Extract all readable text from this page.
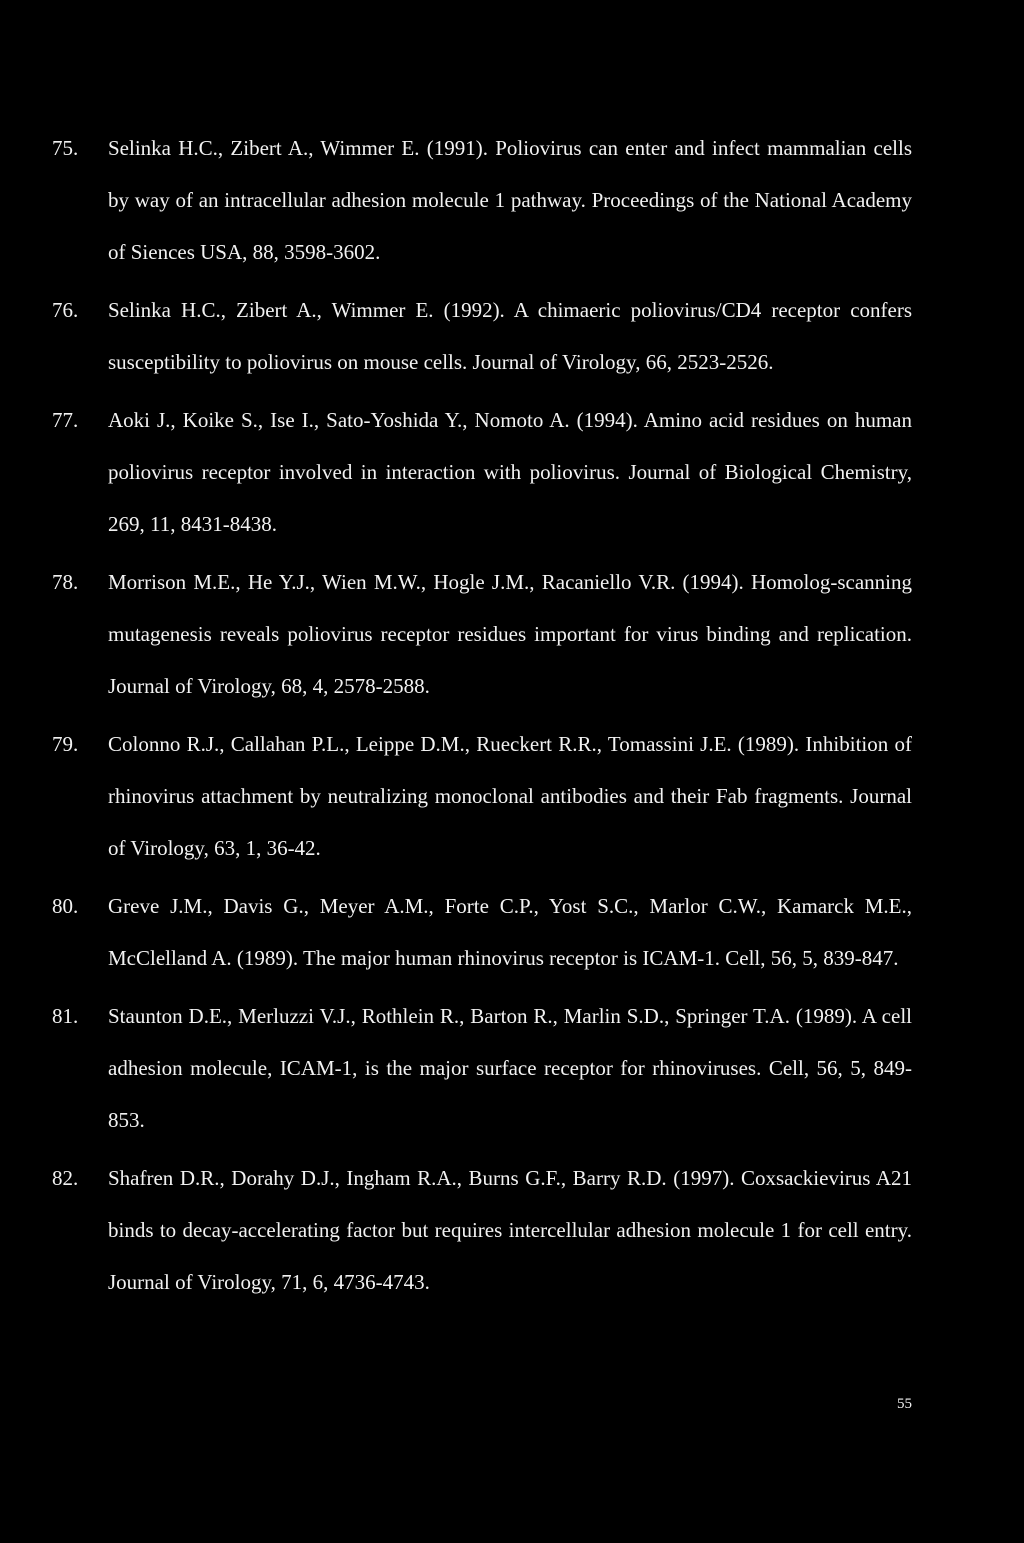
75.	Selinka H.C., Zibert A., Wimmer E. (1991). Poliovirus can enter and infect mammalian cells by way of an intracellular adhesion molecule 1 pathway. Proceedings of the National Academy of Siences USA, 88, 3598-3602.
76.	Selinka H.C., Zibert A., Wimmer E. (1992). A chimaeric poliovirus/CD4 receptor confers susceptibility to poliovirus on mouse cells. Journal of Virology, 66, 2523-2526.
77.	Aoki J., Koike S., Ise I., Sato-Yoshida Y., Nomoto A. (1994). Amino acid residues on human poliovirus receptor involved in interaction with poliovirus. Journal of Biological Chemistry, 269, 11, 8431-8438.
78.	Morrison M.E., He Y.J., Wien M.W., Hogle J.M., Racaniello V.R. (1994). Homolog-scanning mutagenesis reveals poliovirus receptor residues important for virus binding and replication. Journal of Virology, 68, 4, 2578-2588.
79.	Colonno R.J., Callahan P.L., Leippe D.M., Rueckert R.R., Tomassini J.E. (1989). Inhibition of rhinovirus attachment by neutralizing monoclonal antibodies and their Fab fragments. Journal of Virology, 63, 1, 36-42.
80.	Greve J.M., Davis G., Meyer A.M., Forte C.P., Yost S.C., Marlor C.W., Kamarck M.E., McClelland A. (1989). The major human rhinovirus receptor is ICAM-1. Cell, 56, 5, 839-847.
81.	Staunton D.E., Merluzzi V.J., Rothlein R., Barton R., Marlin S.D., Springer T.A. (1989). A cell adhesion molecule, ICAM-1, is the major surface receptor for rhinoviruses. Cell, 56, 5, 849-853.
82.	Shafren D.R., Dorahy D.J., Ingham R.A., Burns G.F., Barry R.D. (1997). Coxsackievirus A21 binds to decay-accelerating factor but requires intercellular adhesion molecule 1 for cell entry. Journal of Virology, 71, 6, 4736-4743.
55
